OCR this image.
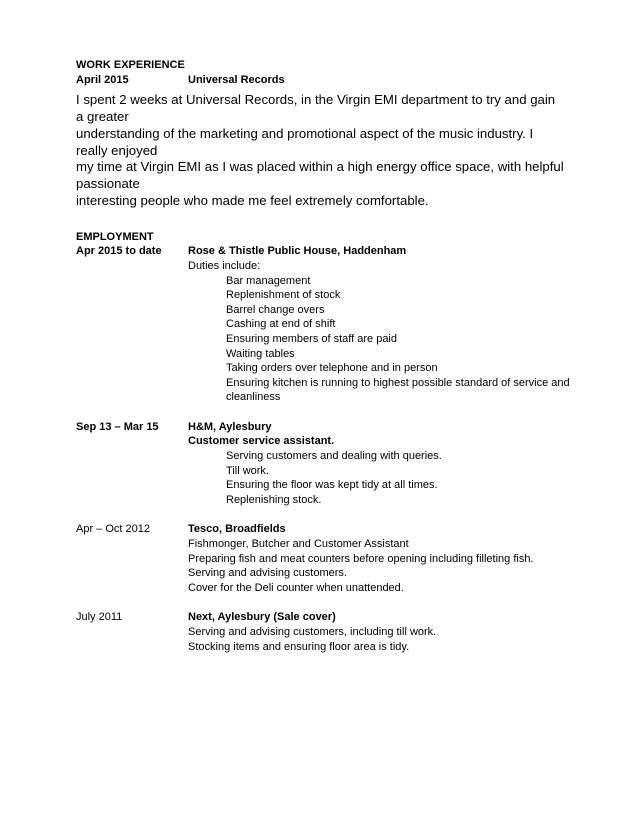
WORK EXPERIENCE
April 2015	Universal Records
I spent 2 weeks at Universal Records, in the Virgin EMI department to try and gain a greater
understanding of the marketing and promotional aspect of the music industry. I really enjoyed
my time at Virgin EMI as I was placed within a high energy office space, with helpful passionate
interesting people who made me feel extremely comfortable.
EMPLOYMENT
Apr 2015 to date	Rose & Thistle Public House, Haddenham
Duties include:
Bar management
Replenishment of stock
Barrel change overs
Cashing at end of shift
Ensuring members of staff are paid
Waiting tables
Taking orders over telephone and in person
Ensuring kitchen is running to highest possible standard of service and
cleanliness
Sep 13 – Mar 15	H&M, Aylesbury
Customer service assistant.
Serving customers and dealing with queries.
Till work.
Ensuring the floor was kept tidy at all times.
Replenishing stock.
Apr – Oct 2012	Tesco, Broadfields
Fishmonger, Butcher and Customer Assistant
Preparing fish and meat counters before opening including filleting fish.
Serving and advising customers.
Cover for the Deli counter when unattended.
July 2011	Next, Aylesbury (Sale cover)
Serving and advising customers, including till work.
Stocking items and ensuring floor area is tidy.
